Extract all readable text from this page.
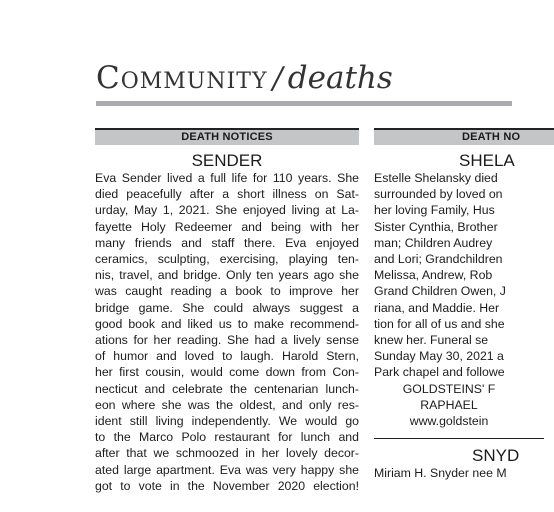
Community / deaths
DEATH NOTICES
SENDER
Eva Sender lived a full life for 110 years. She
died peacefully after a short illness on Sat-
urday, May 1, 2021. She enjoyed living at La-
fayette Holy Redeemer and being with her
many friends and staff there. Eva enjoyed
ceramics, sculpting, exercising, playing ten-
nis, travel, and bridge. Only ten years ago she
was caught reading a book to improve her
bridge game. She could always suggest a
good book and liked us to make recommend-
ations for her reading. She had a lively sense
of humor and loved to laugh. Harold Stern,
her first cousin, would come down from Con-
necticut and celebrate the centenarian lunch-
eon where she was the oldest, and only res-
ident still living independently. We would go
to the Marco Polo restaurant for lunch and
after that we schmoozed in her lovely decor-
ated large apartment. Eva was very happy she
got to vote in the November 2020 election!
DEATH NO
SHELA
Estelle Shelansky died
surrounded by loved on
her loving Family, Hus
Sister Cynthia, Brother
man; Children Audrey
and Lori; Grandchildren
Melissa, Andrew, Rob
Grand Children Owen, J
riana, and Maddie. Her
tion for all of us and she
knew her. Funeral se
Sunday May 30, 2021 a
Park chapel and followe
GOLDSTEINS' F
RAPHAEL
www.goldstein
SNYD
Miriam H. Snyder nee M
